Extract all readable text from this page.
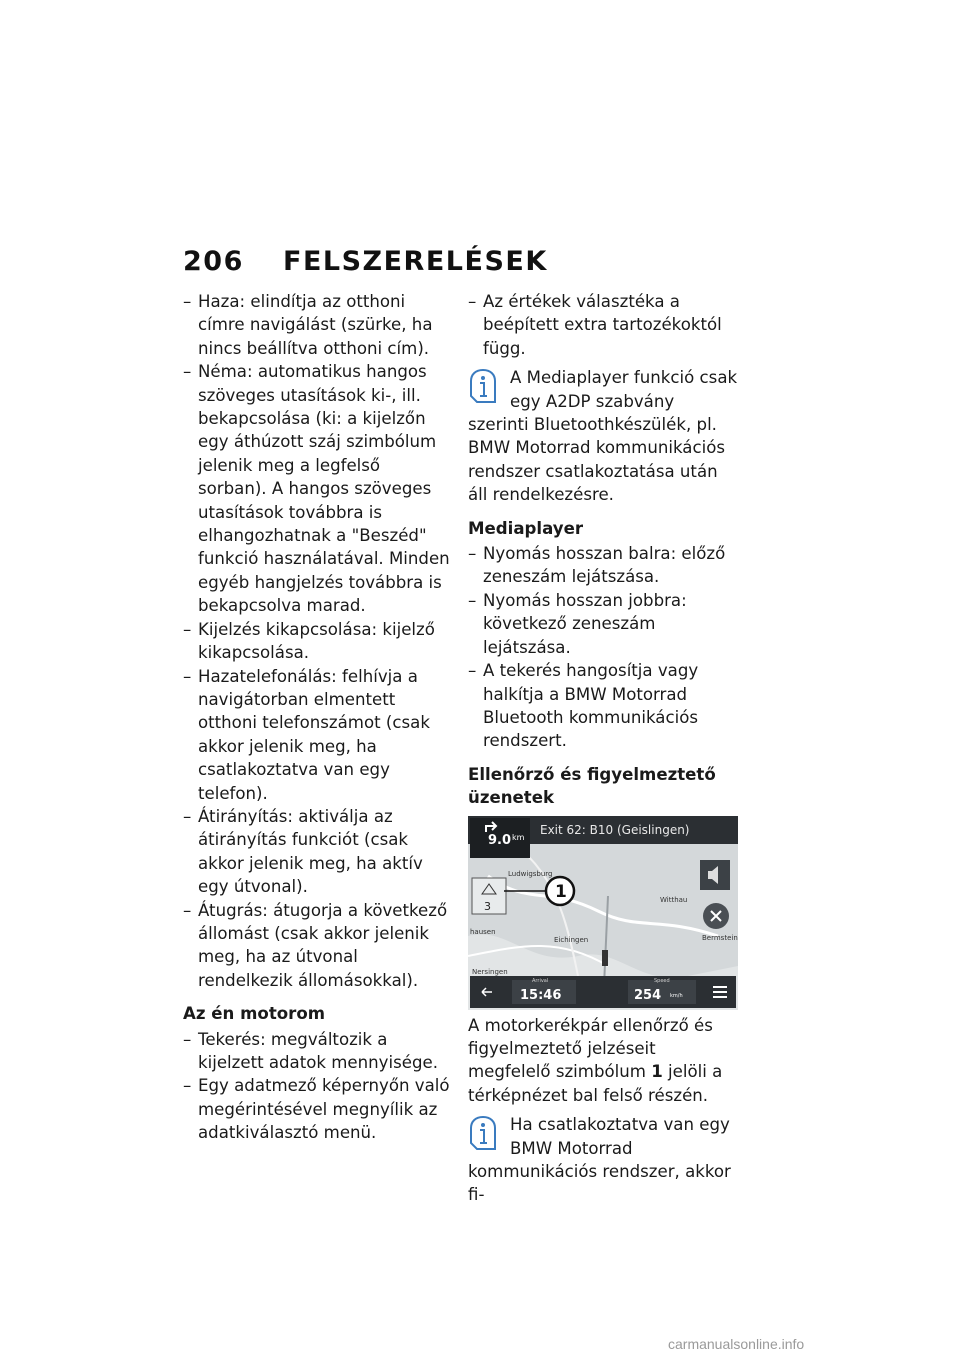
206 FELSZERELÉSEK
– Haza: elindítja az otthoni címre navigálást (szürke, ha nincs beállítva otthoni cím).
– Néma: automatikus hangos szöveges utasítások ki-, ill. bekapcsolása (ki: a kijelzőn egy áthúzott száj szimbólum jelenik meg a legfelső sorban). A hangos szöveges utasítások továbbra is elhangozhatnak a "Beszéd" funkció használatával. Minden egyéb hangjelzés továbbra is bekapcsolva marad.
– Kijelzés kikapcsolása: kijelző kikapcsolása.
– Hazatelefonálás: felhívja a navigátorban elmentett otthoni telefonszámot (csak akkor jelenik meg, ha csatlakoztatva van egy telefon).
– Átirányítás: aktiválja az átirányítás funkciót (csak akkor jelenik meg, ha aktív egy útvonal).
– Átugrás: átugorja a következő állomást (csak akkor jelenik meg, ha az útvonal rendelkezik állomásokkal).
Az én motorom
– Tekerés: megváltozik a kijelzett adatok mennyisége.
– Egy adatmező képernyőn való megérintésével megnyílik az adatkiválasztó menü.
– Az értékek választéka a beépített extra tartozékoktól függ.
A Mediaplayer funkció csak egy A2DP szabvány szerinti Bluetoothkészülék, pl. BMW Motorrad kommunikációs rendszer csatlakoztatása után áll rendelkezésre.
Mediaplayer
– Nyomás hosszan balra: előző zeneszám lejátszása.
– Nyomás hosszan jobbra: következő zeneszám lejátszása.
– A tekerés hangosítja vagy halkítja a BMW Motorrad Bluetooth kommunikációs rendszert.
Ellenőrző és figyelmeztető üzenetek
9.0 km
Exit 62: B10 (Geislingen)
3
1
Ludwigsburg
hausen
Witthau
Bermstein
Eichingen
Nersingen
Arrival
15:46
Speed
254 km/h
A motorkerékpár ellenőrző és figyelmeztető jelzéseit megfelelő szimbólum 1 jelöli a térképnézet bal felső részén.
Ha csatlakoztatva van egy BMW Motorrad kommunikációs rendszer, akkor fi-
carmanualsonline.info
